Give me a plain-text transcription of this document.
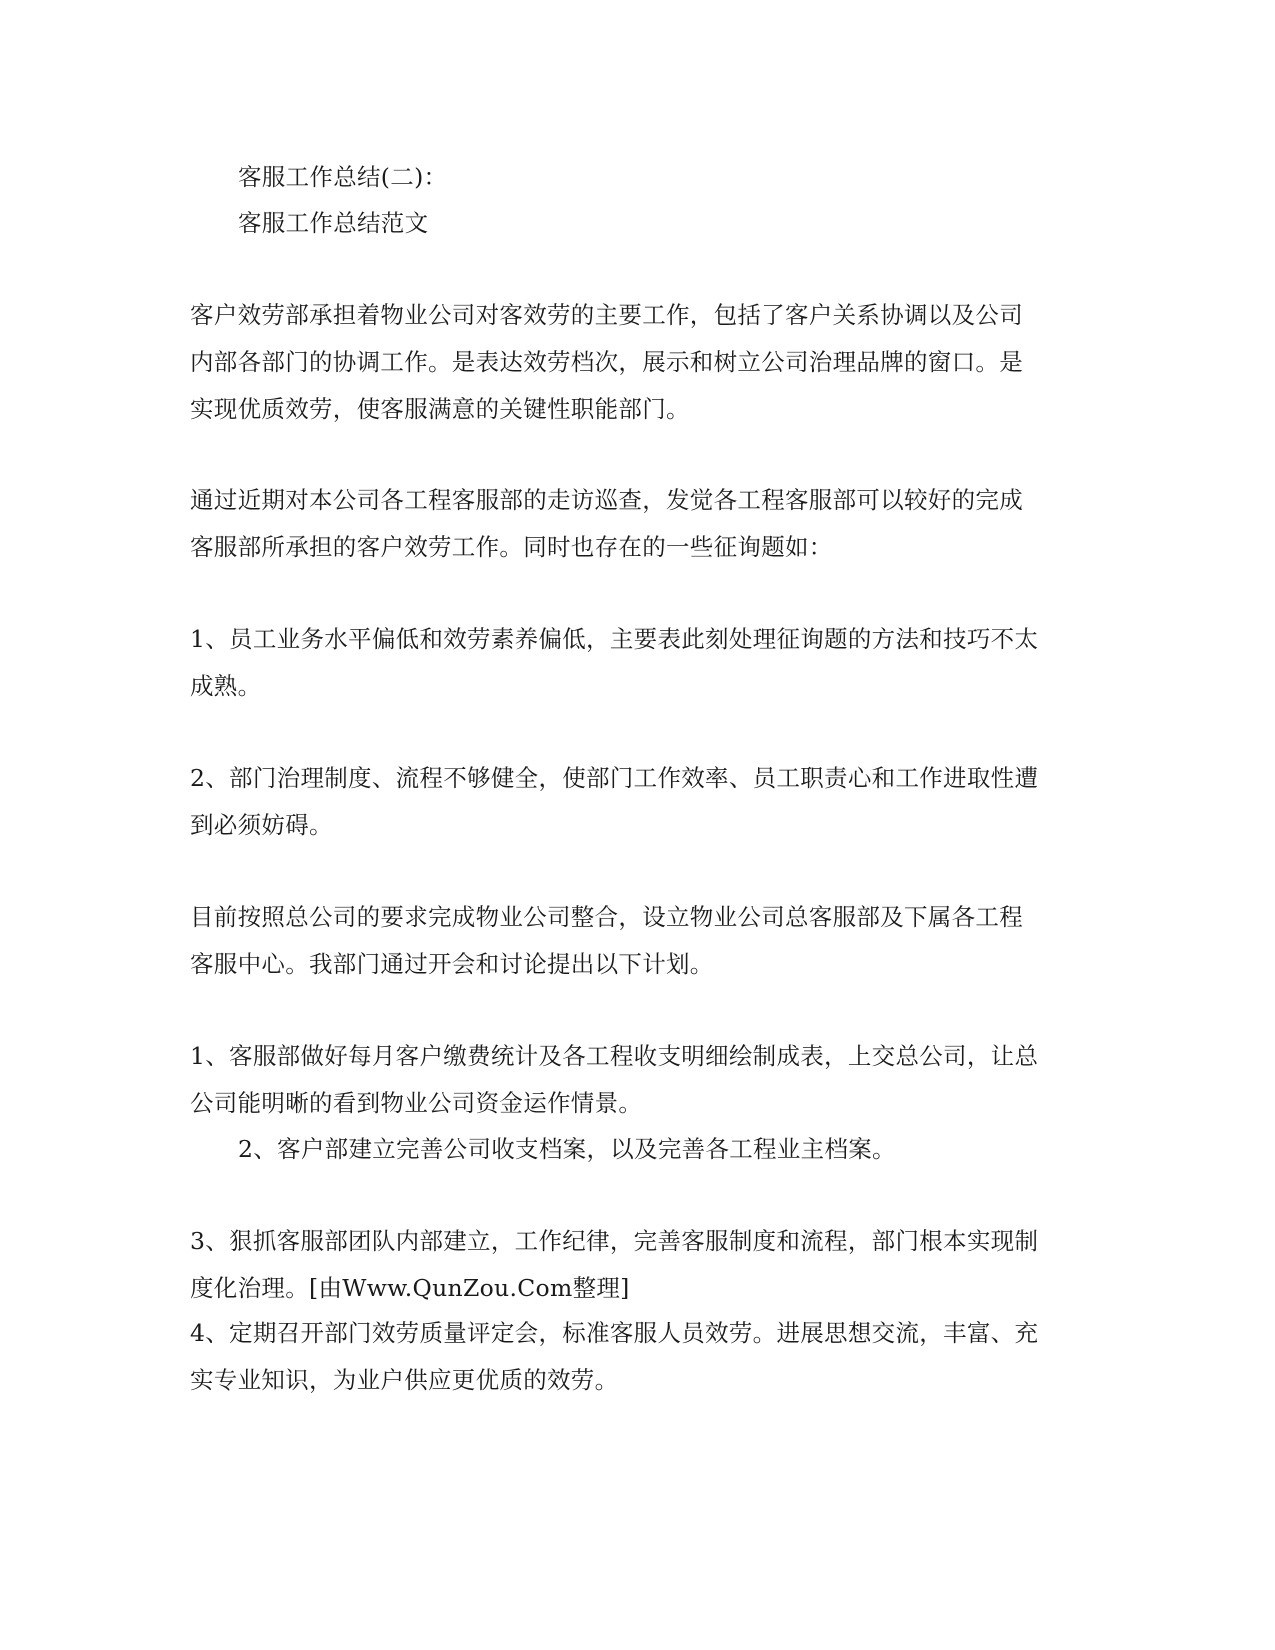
客服工作总结(二)：
客服工作总结范文
客户效劳部承担着物业公司对客效劳的主要工作，包括了客户关系协调以及公司
内部各部门的协调工作。是表达效劳档次，展示和树立公司治理品牌的窗口。是
实现优质效劳，使客服满意的关键性职能部门。
通过近期对本公司各工程客服部的走访巡查，发觉各工程客服部可以较好的完成
客服部所承担的客户效劳工作。同时也存在的一些征询题如：
1、员工业务水平偏低和效劳素养偏低，主要表此刻处理征询题的方法和技巧不太
成熟。
2、部门治理制度、流程不够健全，使部门工作效率、员工职责心和工作进取性遭
到必须妨碍。
目前按照总公司的要求完成物业公司整合，设立物业公司总客服部及下属各工程
客服中心。我部门通过开会和讨论提出以下计划。
1、客服部做好每月客户缴费统计及各工程收支明细绘制成表，上交总公司，让总
公司能明晰的看到物业公司资金运作情景。
2、客户部建立完善公司收支档案，以及完善各工程业主档案。
3、狠抓客服部团队内部建立，工作纪律，完善客服制度和流程，部门根本实现制
度化治理。[由Www.QunZou.Com整理]
4、定期召开部门效劳质量评定会，标准客服人员效劳。进展思想交流，丰富、充
实专业知识，为业户供应更优质的效劳。
